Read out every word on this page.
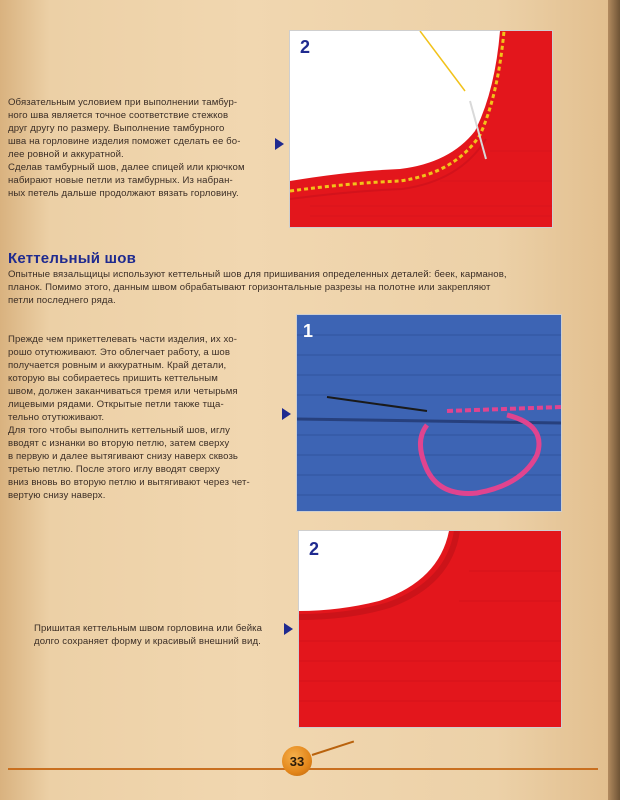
Обязательным условием при выполнении тамбур-
ного шва является точное соответствие стежков
друг другу по размеру. Выполнение тамбурного
шва на горловине изделия поможет сделать ее бо-
лее ровной и аккуратной.
Сделав тамбурный шов, далее спицей или крючком
набирают новые петли из тамбурных. Из набран-
ных петель дальше продолжают вязать горловину.

2
Кеттельный шов

Опытные вязальщицы используют кеттельный шов для пришивания определенных деталей: беек, карманов,
планок. Помимо этого, данным швом обрабатывают горизонтальные разрезы на полотне или закрепляют
петли последнего ряда.

Прежде чем прикеттелевать части изделия, их хо-
рошо отутюживают. Это облегчает работу, а шов
получается ровным и аккуратным. Край детали,
которую вы собираетесь пришить кеттельным
швом, должен заканчиваться тремя или четырьмя
лицевыми рядами. Открытые петли также тща-
тельно отутюживают.
Для того чтобы выполнить кеттельный шов, иглу
вводят с изнанки во вторую петлю, затем сверху
в первую и далее вытягивают снизу наверх сквозь
третью петлю. После этого иглу вводят сверху
вниз вновь во вторую петлю и вытягивают через чет-
вертую снизу наверх.

1

Пришитая кеттельным швом горловина или бейка
долго сохраняет форму и красивый внешний вид.

2
33
